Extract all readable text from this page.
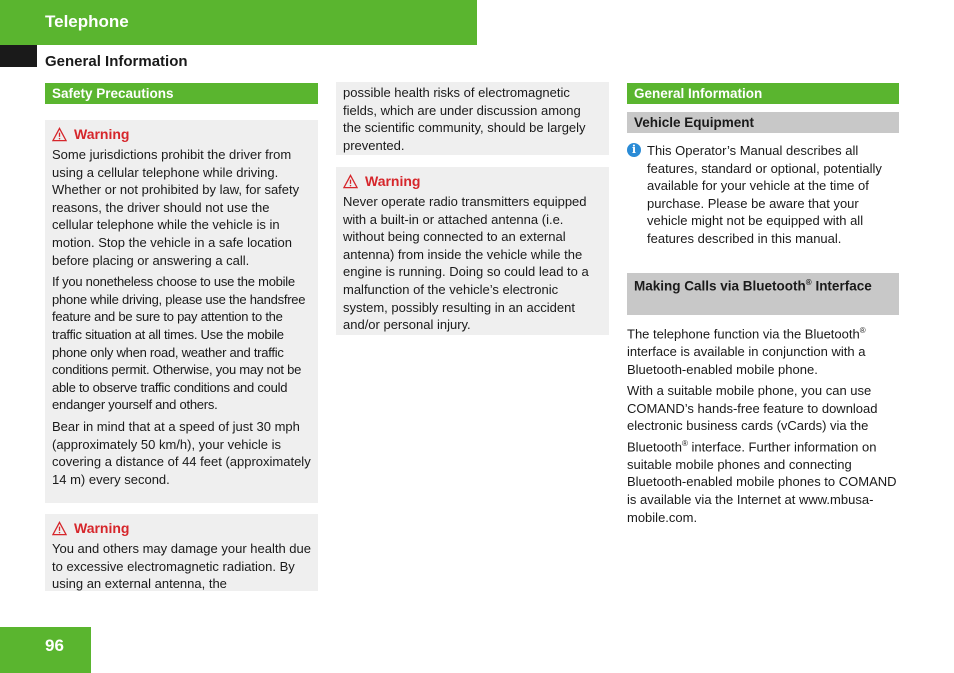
Telephone
General Information
Safety Precautions
Warning

Some jurisdictions prohibit the driver from using a cellular telephone while driving. Whether or not prohibited by law, for safety reasons, the driver should not use the cellular telephone while the vehicle is in motion. Stop the vehicle in a safe location before placing or answering a call.

If you nonetheless choose to use the mobile phone while driving, please use the handsfree feature and be sure to pay attention to the traffic situation at all times. Use the mobile phone only when road, weather and traffic conditions permit. Otherwise, you may not be able to observe traffic conditions and could endanger yourself and others.

Bear in mind that at a speed of just 30 mph (approximately 50 km/h), your vehicle is covering a distance of 44 feet (approximately 14 m) every second.

Warning

You and others may damage your health due to excessive electromagnetic radiation. By using an external antenna, the

possible health risks of electromagnetic fields, which are under discussion among the scientific community, should be largely prevented.

Warning

Never operate radio transmitters equipped with a built-in or attached antenna (i.e. without being connected to an external antenna) from inside the vehicle while the engine is running. Doing so could lead to a malfunction of the vehicle’s electronic system, possibly resulting in an accident and/or personal injury.

General Information
Vehicle Equipment
i This Operator’s Manual describes all features, standard or optional, potentially available for your vehicle at the time of purchase. Please be aware that your vehicle might not be equipped with all features described in this manual.

Making Calls via Bluetooth® Interface

The telephone function via the Bluetooth® interface is available in conjunction with a Bluetooth-enabled mobile phone.

With a suitable mobile phone, you can use COMAND’s hands-free feature to download electronic business cards (vCards) via the Bluetooth® interface. Further information on suitable mobile phones and connecting Bluetooth-enabled mobile phones to COMAND is available via the Internet at www.mbusa-mobile.com.

96
